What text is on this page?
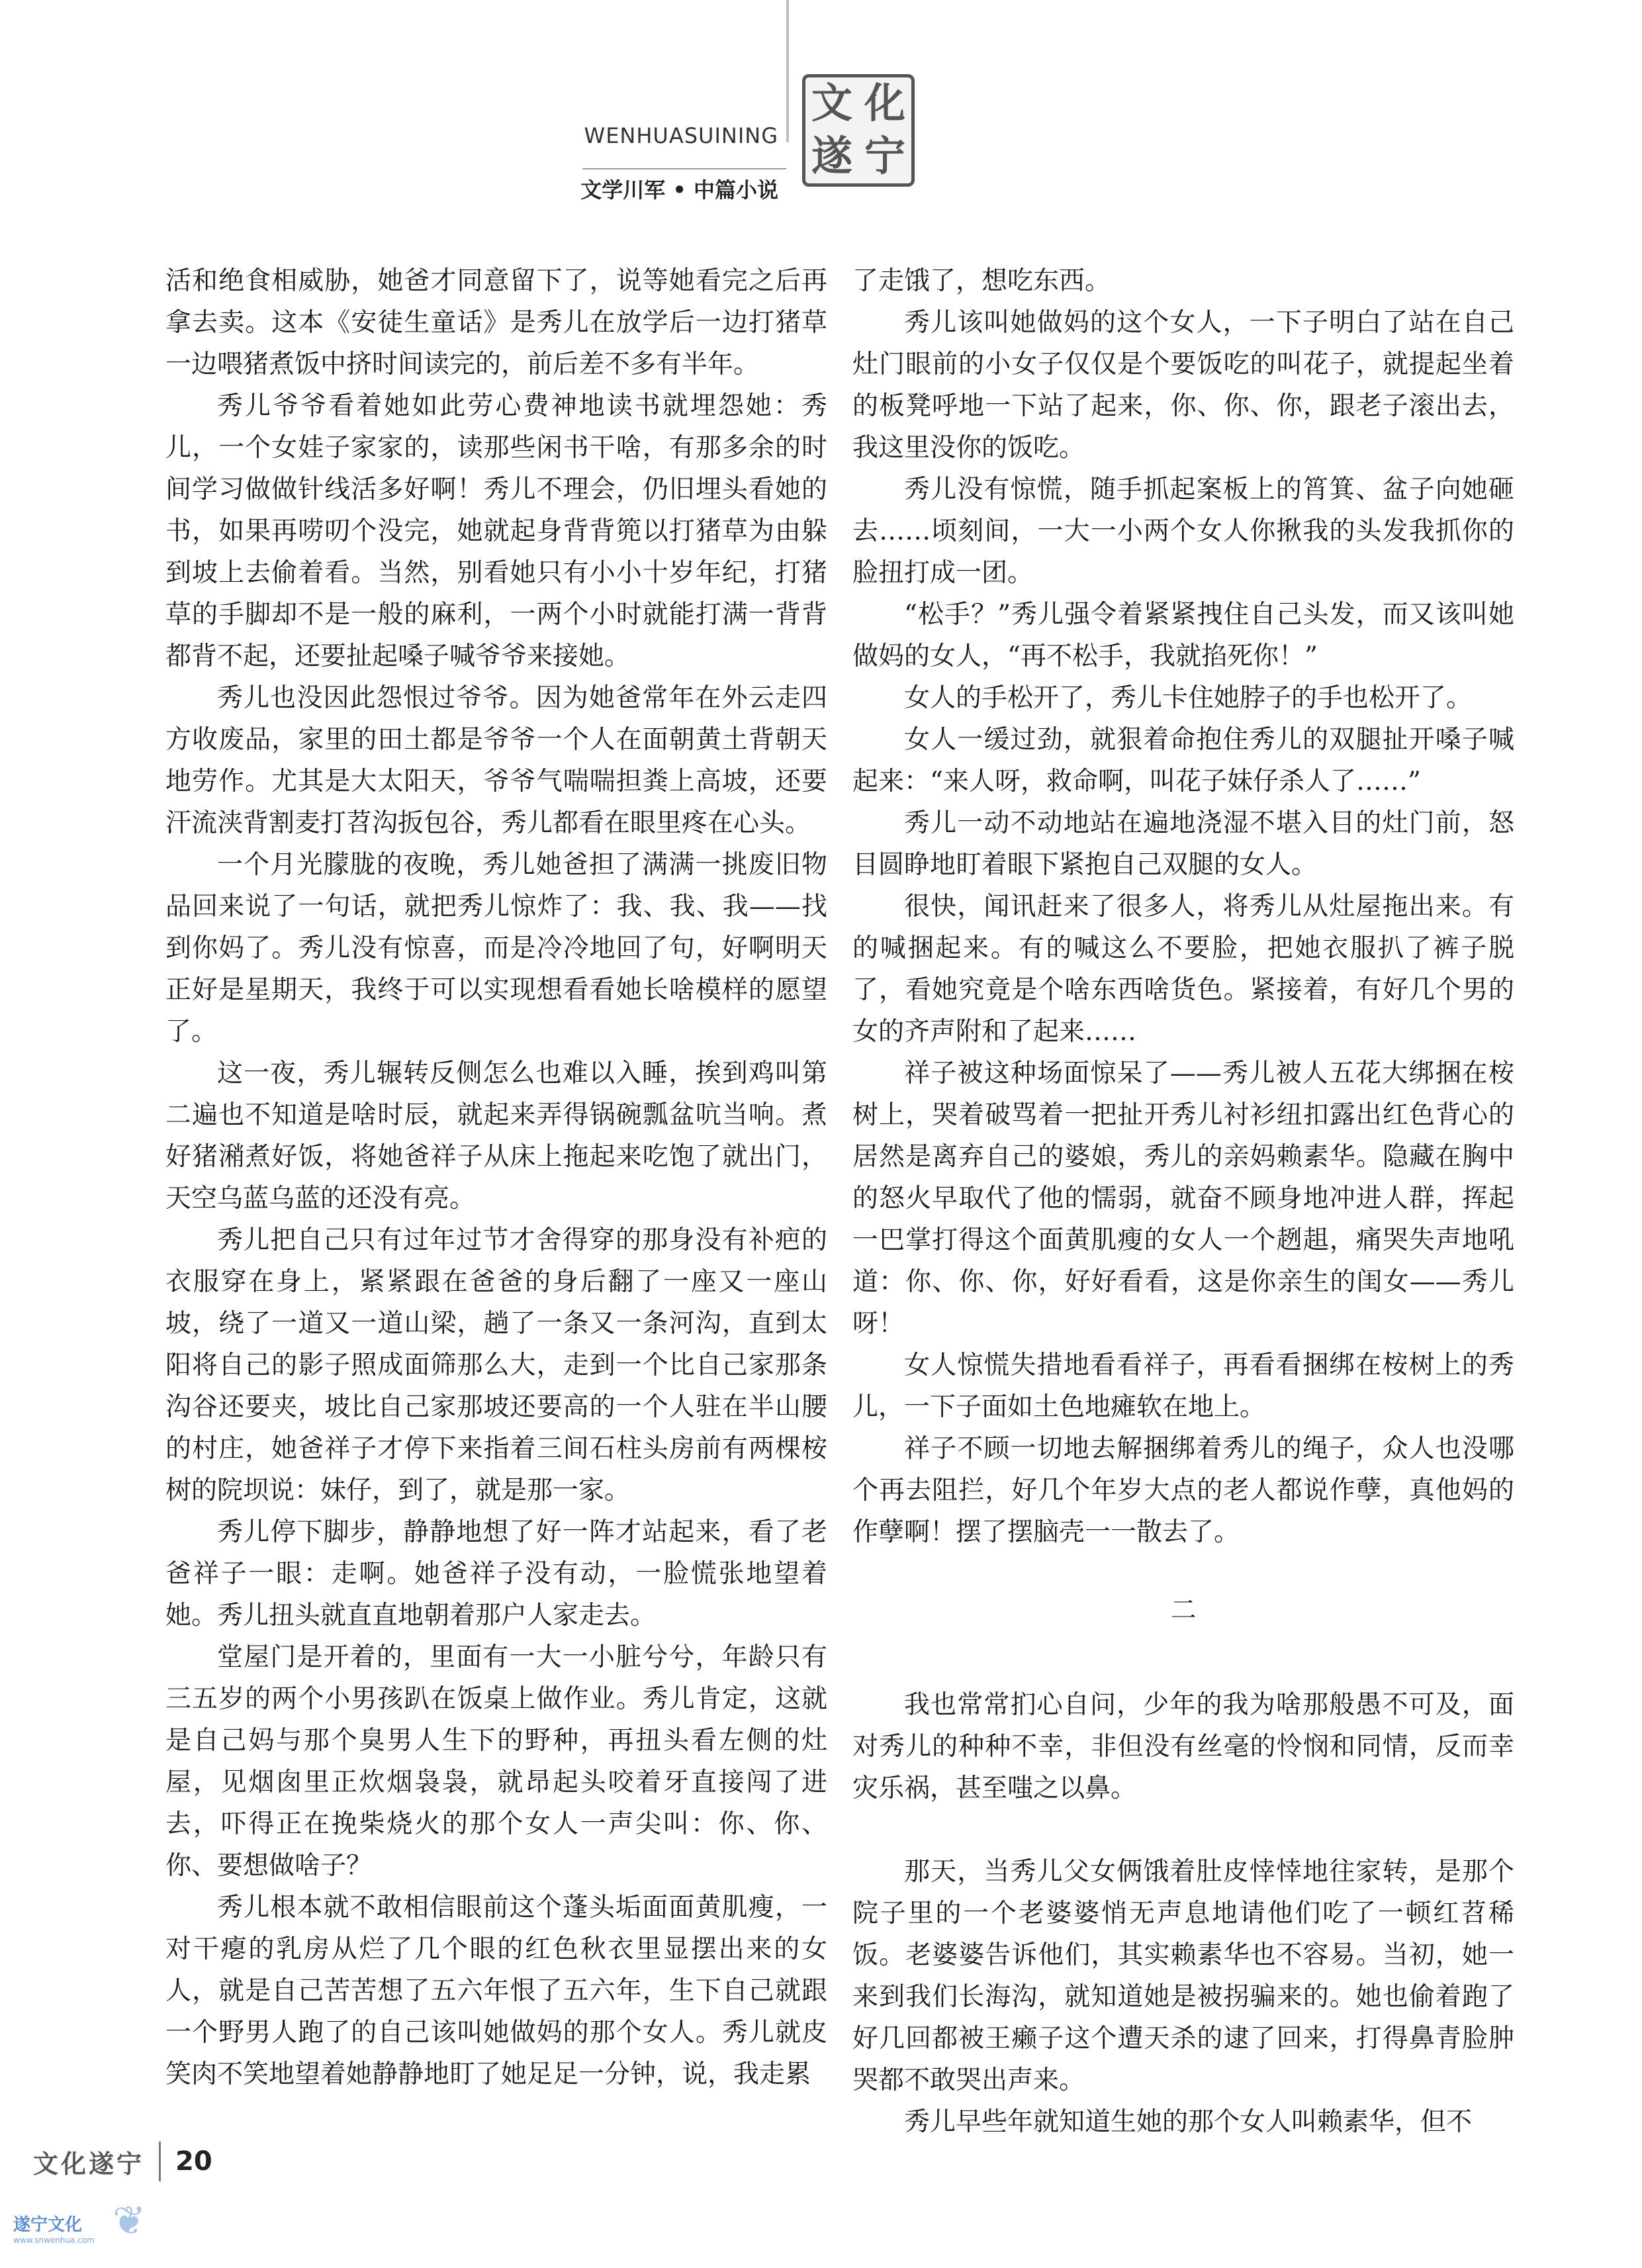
WENHUASUINING
文学川军 • 中篇小说
文 化
遂 宁

活和绝食相威胁，她爸才同意留下了，说等她看完之后再拿去卖。这本《安徒生童话》是秀儿在放学后一边打猪草一边喂猪煮饭中挤时间读完的，前后差不多有半年。

秀儿爷爷看着她如此劳心费神地读书就埋怨她：秀儿，一个女娃子家家的，读那些闲书干啥，有那多余的时间学习做做针线活多好啊！秀儿不理会，仍旧埋头看她的书，如果再唠叨个没完，她就起身背背篼以打猪草为由躲到坡上去偷着看。当然，别看她只有小小十岁年纪，打猪草的手脚却不是一般的麻利，一两个小时就能打满一背背都背不起，还要扯起嗓子喊爷爷来接她。

秀儿也没因此怨恨过爷爷。因为她爸常年在外云走四方收废品，家里的田土都是爷爷一个人在面朝黄土背朝天地劳作。尤其是大太阳天，爷爷气喘喘担粪上高坡，还要汗流浃背割麦打苕沟扳包谷，秀儿都看在眼里疼在心头。

一个月光朦胧的夜晚，秀儿她爸担了满满一挑废旧物品回来说了一句话，就把秀儿惊炸了：我、我、我——找到你妈了。秀儿没有惊喜，而是冷冷地回了句，好啊明天正好是星期天，我终于可以实现想看看她长啥模样的愿望了。

这一夜，秀儿辗转反侧怎么也难以入睡，挨到鸡叫第二遍也不知道是啥时辰，就起来弄得锅碗瓢盆吭当响。煮好猪潲煮好饭，将她爸祥子从床上拖起来吃饱了就出门，天空乌蓝乌蓝的还没有亮。

秀儿把自己只有过年过节才舍得穿的那身没有补疤的衣服穿在身上，紧紧跟在爸爸的身后翻了一座又一座山坡，绕了一道又一道山梁，趟了一条又一条河沟，直到太阳将自己的影子照成面筛那么大，走到一个比自己家那条沟谷还要夹，坡比自己家那坡还要高的一个人驻在半山腰的村庄，她爸祥子才停下来指着三间石柱头房前有两棵桉树的院坝说：妹仔，到了，就是那一家。

秀儿停下脚步，静静地想了好一阵才站起来，看了老爸祥子一眼：走啊。她爸祥子没有动，一脸慌张地望着她。秀儿扭头就直直地朝着那户人家走去。

堂屋门是开着的，里面有一大一小脏兮兮，年龄只有三五岁的两个小男孩趴在饭桌上做作业。秀儿肯定，这就是自己妈与那个臭男人生下的野种，再扭头看左侧的灶屋，见烟囱里正炊烟袅袅，就昂起头咬着牙直接闯了进去，吓得正在挽柴烧火的那个女人一声尖叫：你、你、你、要想做啥子？

秀儿根本就不敢相信眼前这个蓬头垢面面黄肌瘦，一对干瘪的乳房从烂了几个眼的红色秋衣里显摆出来的女人，就是自己苦苦想了五六年恨了五六年，生下自己就跟一个野男人跑了的自己该叫她做妈的那个女人。秀儿就皮笑肉不笑地望着她静静地盯了她足足一分钟，说，我走累

了走饿了，想吃东西。

秀儿该叫她做妈的这个女人，一下子明白了站在自己灶门眼前的小女子仅仅是个要饭吃的叫花子，就提起坐着的板凳呼地一下站了起来，你、你、你，跟老子滚出去，我这里没你的饭吃。

秀儿没有惊慌，随手抓起案板上的筲箕、盆子向她砸去……顷刻间，一大一小两个女人你揪我的头发我抓你的脸扭打成一团。

“松手？”秀儿强令着紧紧拽住自己头发，而又该叫她做妈的女人，“再不松手，我就掐死你！”

女人的手松开了，秀儿卡住她脖子的手也松开了。

女人一缓过劲，就狠着命抱住秀儿的双腿扯开嗓子喊起来：“来人呀，救命啊，叫花子妹仔杀人了……”

秀儿一动不动地站在遍地浇湿不堪入目的灶门前，怒目圆睁地盯着眼下紧抱自己双腿的女人。

很快，闻讯赶来了很多人，将秀儿从灶屋拖出来。有的喊捆起来。有的喊这么不要脸，把她衣服扒了裤子脱了，看她究竟是个啥东西啥货色。紧接着，有好几个男的女的齐声附和了起来……

祥子被这种场面惊呆了——秀儿被人五花大绑捆在桉树上，哭着破骂着一把扯开秀儿衬衫纽扣露出红色背心的居然是离弃自己的婆娘，秀儿的亲妈赖素华。隐藏在胸中的怒火早取代了他的懦弱，就奋不顾身地冲进人群，挥起一巴掌打得这个面黄肌瘦的女人一个趔趄，痛哭失声地吼道：你、你、你，好好看看，这是你亲生的闺女——秀儿呀！

女人惊慌失措地看看祥子，再看看捆绑在桉树上的秀儿，一下子面如土色地瘫软在地上。

祥子不顾一切地去解捆绑着秀儿的绳子，众人也没哪个再去阻拦，好几个年岁大点的老人都说作孽，真他妈的作孽啊！摆了摆脑壳一一散去了。

二

我也常常扪心自问，少年的我为啥那般愚不可及，面对秀儿的种种不幸，非但没有丝毫的怜悯和同情，反而幸灾乐祸，甚至嗤之以鼻。

那天，当秀儿父女俩饿着肚皮悻悻地往家转，是那个院子里的一个老婆婆悄无声息地请他们吃了一顿红苕稀饭。老婆婆告诉他们，其实赖素华也不容易。当初，她一来到我们长海沟，就知道她是被拐骗来的。她也偷着跑了好几回都被王癞子这个遭天杀的逮了回来，打得鼻青脸肿哭都不敢哭出声来。

秀儿早些年就知道生她的那个女人叫赖素华，但不

文化遂宁 20
遂宁文化
www.snwenhua.com ❦
